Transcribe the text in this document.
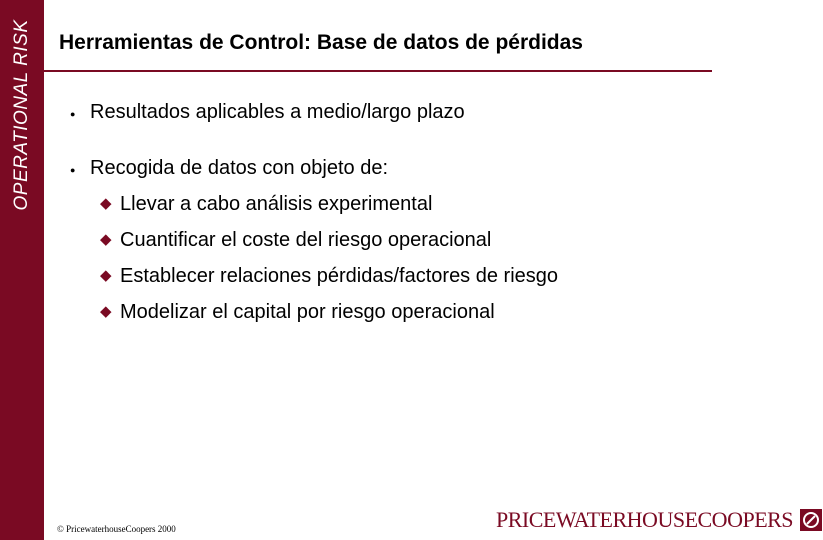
OPERATIONAL RISK Herramientas de Control: Base de datos de pérdidas
● Resultados aplicables a medio/largo plazo
● Recogida de datos con objeto de:
◆ Llevar a cabo análisis experimental
◆ Cuantificar el coste del riesgo operacional
◆ Establecer relaciones pérdidas/factores de riesgo
◆ Modelizar el capital por riesgo operacional
© PricewaterhouseCoopers 2000	PRICEWATERHOUSECOOPERS
